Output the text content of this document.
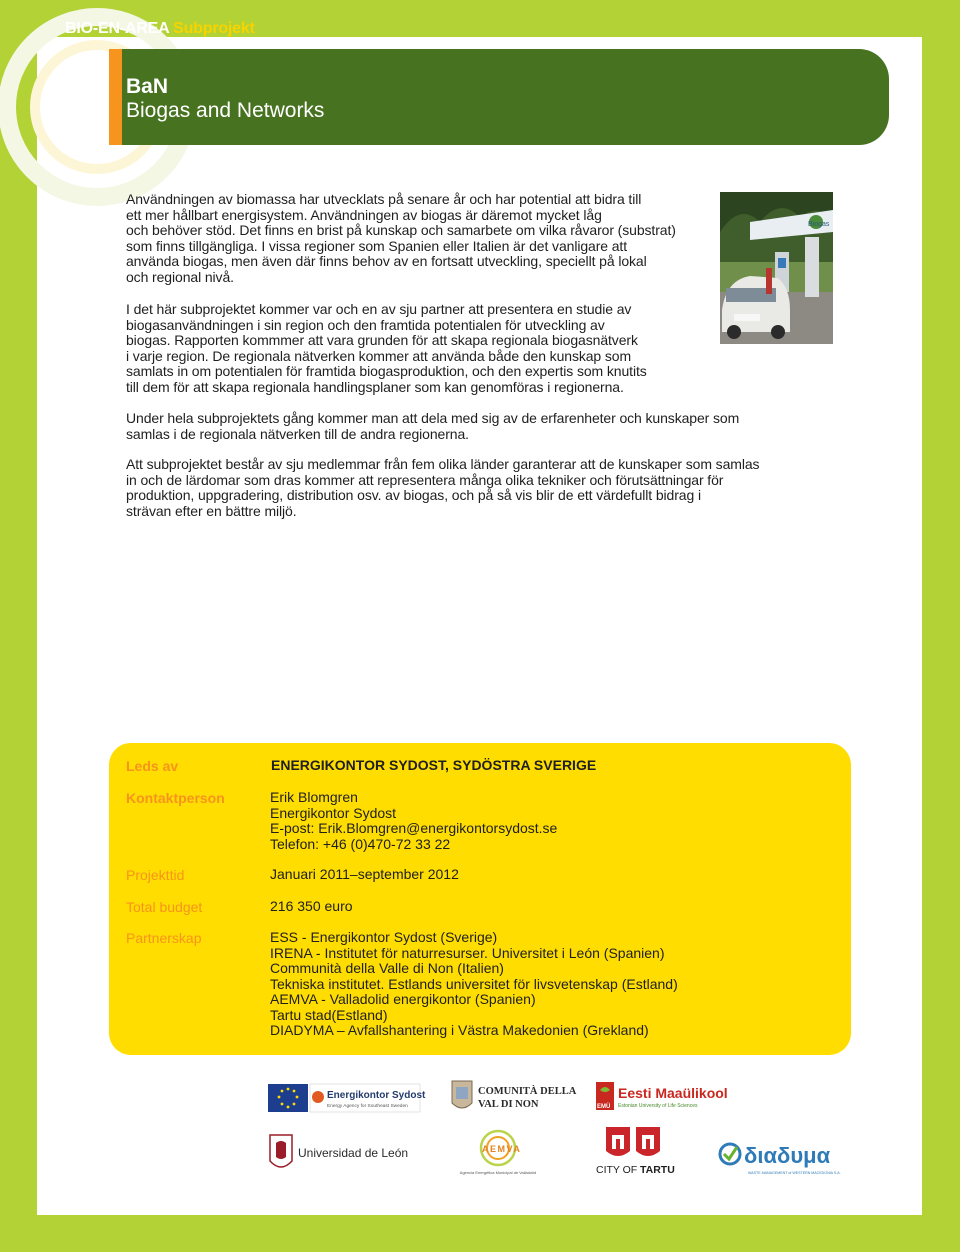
BIO-EN-AREA Subprojekt
BaN
Biogas and Networks
Användningen av biomassa har utvecklats på senare år och har potential att bidra till
ett mer hållbart energisystem. Användningen av biogas är däremot mycket låg
och behöver stöd. Det finns en brist på kunskap och samarbete om vilka råvaror (substrat)
som finns tillgängliga. I vissa regioner som Spanien eller Italien är det vanligare att
använda biogas, men även där finns behov av en fortsatt utveckling, speciellt på lokal
och regional nivå.
I det här subprojektet kommer var och en av sju partner att presentera en studie av
biogasanvändningen i sin region och den framtida potentialen för utveckling av
biogas. Rapporten kommmer att vara grunden för att skapa regionala biogasnätverk
i varje region. De regionala nätverken kommer att använda både den kunskap som
samlats in om potentialen för framtida biogasproduktion, och den expertis som knutits
till dem för att skapa regionala handlingsplaner som kan genomföras i regionerna.
Under hela subprojektets gång kommer man att dela med sig av de erfarenheter och kunskaper som
samlas i de regionala nätverken till de andra regionerna.
Att subprojektet består av sju medlemmar från fem olika länder garanterar att de kunskaper som samlas
in och de lärdomar som dras kommer att representera många olika tekniker och förutsättningar för
produktion, uppgradering, distribution osv. av biogas, och på så vis blir de ett värdefullt bidrag i
strävan efter en bättre miljö.
Biogas
Leds av	ENERGIKONTOR SYDOST, SYDÖSTRA SVERIGE
Kontaktperson	Erik Blomgren
Energikontor Sydost
E-post: Erik.Blomgren@energikontorsydost.se
Telefon: +46 (0)470-72 33 22
Projekttid	Januari 2011–september 2012
Total budget	216 350 euro
Partnerskap	ESS - Energikontor Sydost (Sverige)
IRENA - Institutet för naturresurser. Universitet i León (Spanien)
Communità della Valle di Non (Italien)
Tekniska institutet. Estlands universitet för livsvetenskap (Estland)
AEMVA - Valladolid energikontor (Spanien)
Tartu stad(Estland)
DIADYMA – Avfallshantering i Västra Makedonien (Grekland)
Energikontor Sydost
Energy Agency for Southeast Sweden
COMUNITÀ DELLA
VAL DI NON	EMÜ
Eesti Maaülikool
Estonian University of Life Sciences
Universidad de León	AEMVA
Agencia Energética Municipal de Valladolid	CITY OF TARTU
διαδυμα
WASTE MANAGEMENT of WESTERN MACEDONIA S.A.
